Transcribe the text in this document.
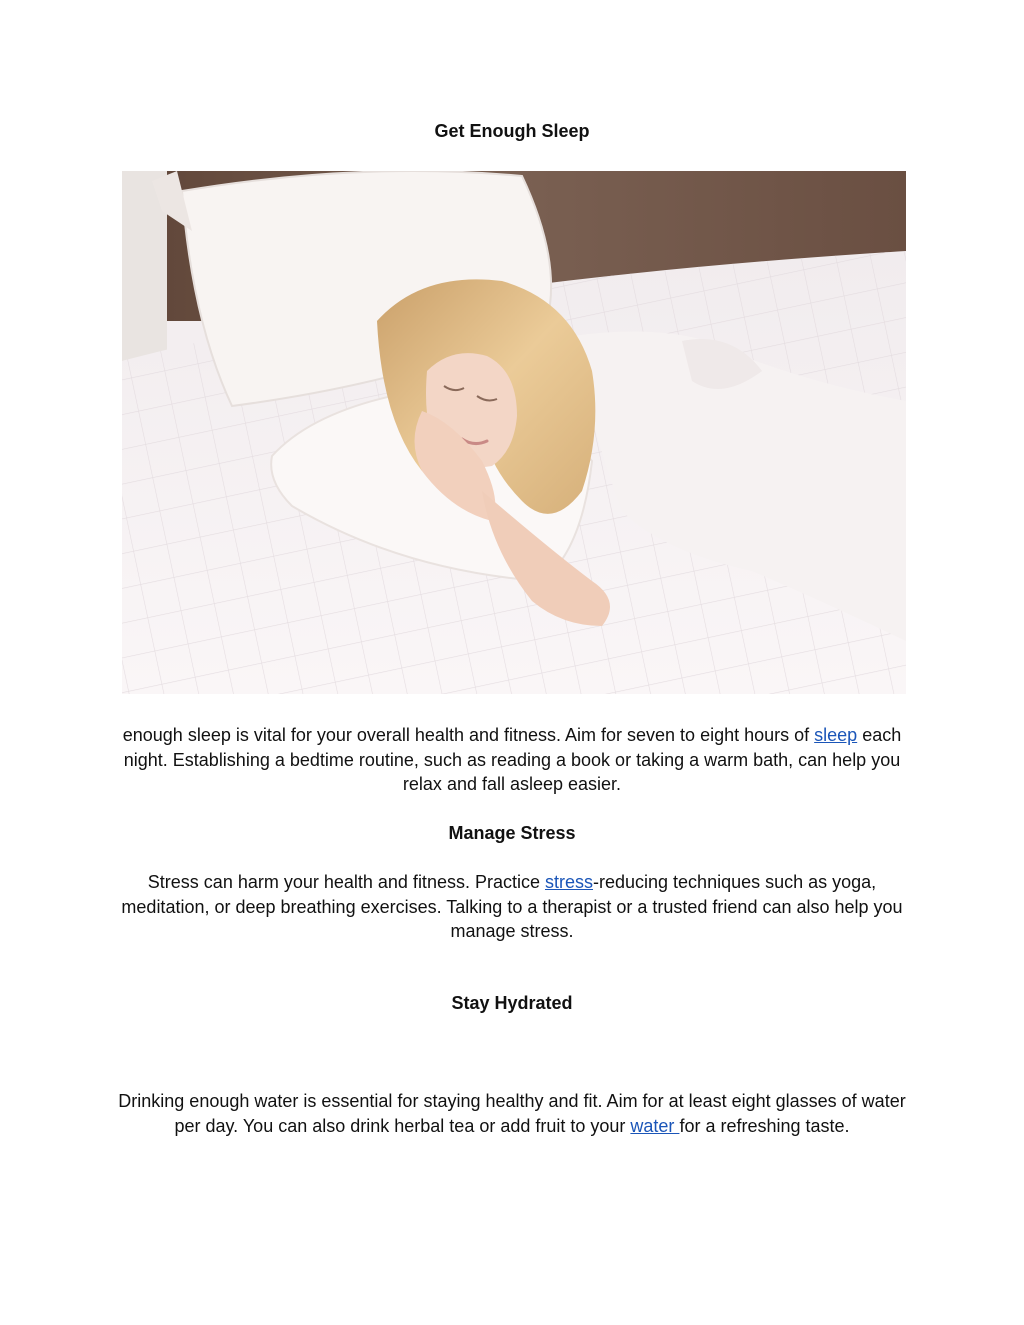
Get Enough Sleep

enough sleep is vital for your overall health and fitness. Aim for seven to eight hours of sleep each night. Establishing a bedtime routine, such as reading a book or taking a warm bath, can help you relax and fall asleep easier.

Manage Stress

Stress can harm your health and fitness. Practice stress-reducing techniques such as yoga, meditation, or deep breathing exercises. Talking to a therapist or a trusted friend can also help you manage stress.

Stay Hydrated

Drinking enough water is essential for staying healthy and fit. Aim for at least eight glasses of water per day. You can also drink herbal tea or add fruit to your water for a refreshing taste.
